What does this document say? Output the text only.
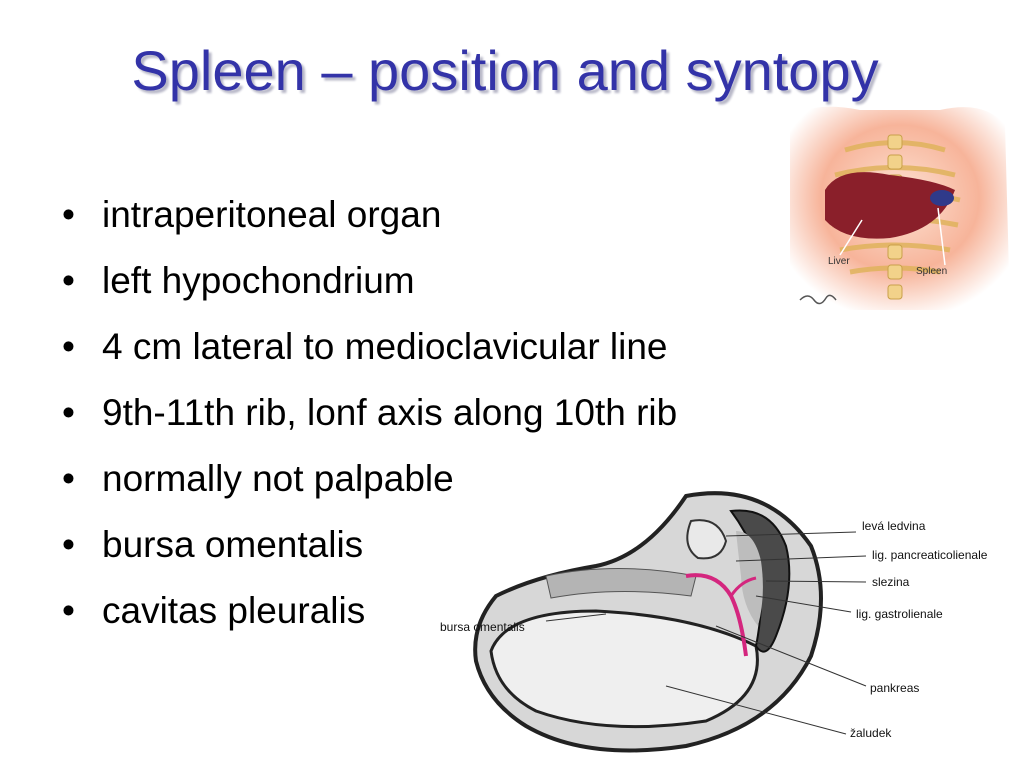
Spleen – position and syntopy
• intraperitoneal organ
• left hypochondrium
• 4 cm lateral to medioclavicular line
• 9th-11th rib, lonf axis along 10th rib
• normally not palpable
• bursa omentalis
• cavitas pleuralis
Liver
Spleen
levá ledvina
lig. pancreaticolienale
slezina
lig. gastrolienale
bursa omentalis
pankreas
žaludek
